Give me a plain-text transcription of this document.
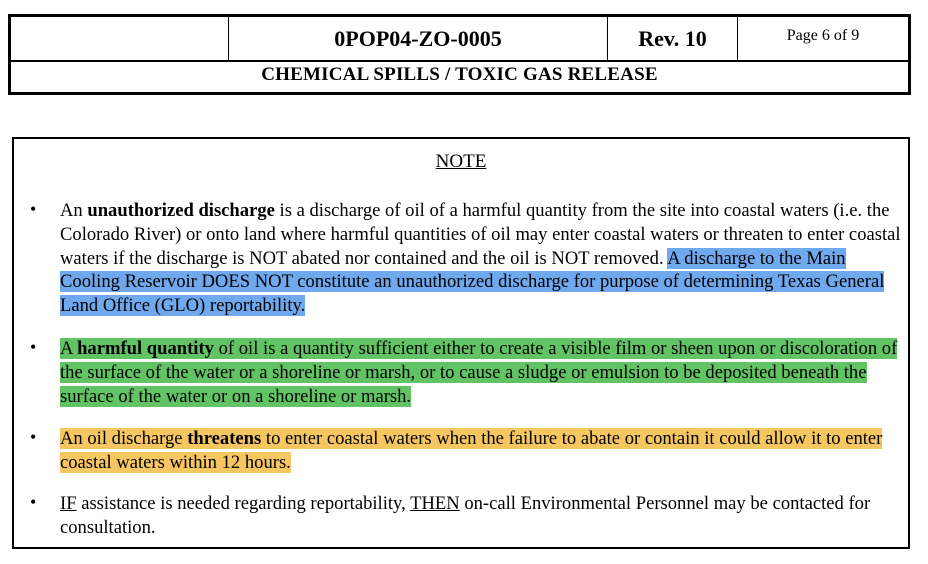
0POP04-ZO-0005	Rev. 10	Page 6 of 9
CHEMICAL SPILLS / TOXIC GAS RELEASE
NOTE
• An unauthorized discharge is a discharge of oil of a harmful quantity from the site into coastal waters (i.e. the Colorado River) or onto land where harmful quantities of oil may enter coastal waters or threaten to enter coastal waters if the discharge is NOT abated nor contained and the oil is NOT removed. A discharge to the Main Cooling Reservoir DOES NOT constitute an unauthorized discharge for purpose of determining Texas General Land Office (GLO) reportability.
• A harmful quantity of oil is a quantity sufficient either to create a visible film or sheen upon or discoloration of the surface of the water or a shoreline or marsh, or to cause a sludge or emulsion to be deposited beneath the surface of the water or on a shoreline or marsh.
• An oil discharge threatens to enter coastal waters when the failure to abate or contain it could allow it to enter coastal waters within 12 hours.
• IF assistance is needed regarding reportability, THEN on-call Environmental Personnel may be contacted for consultation.
